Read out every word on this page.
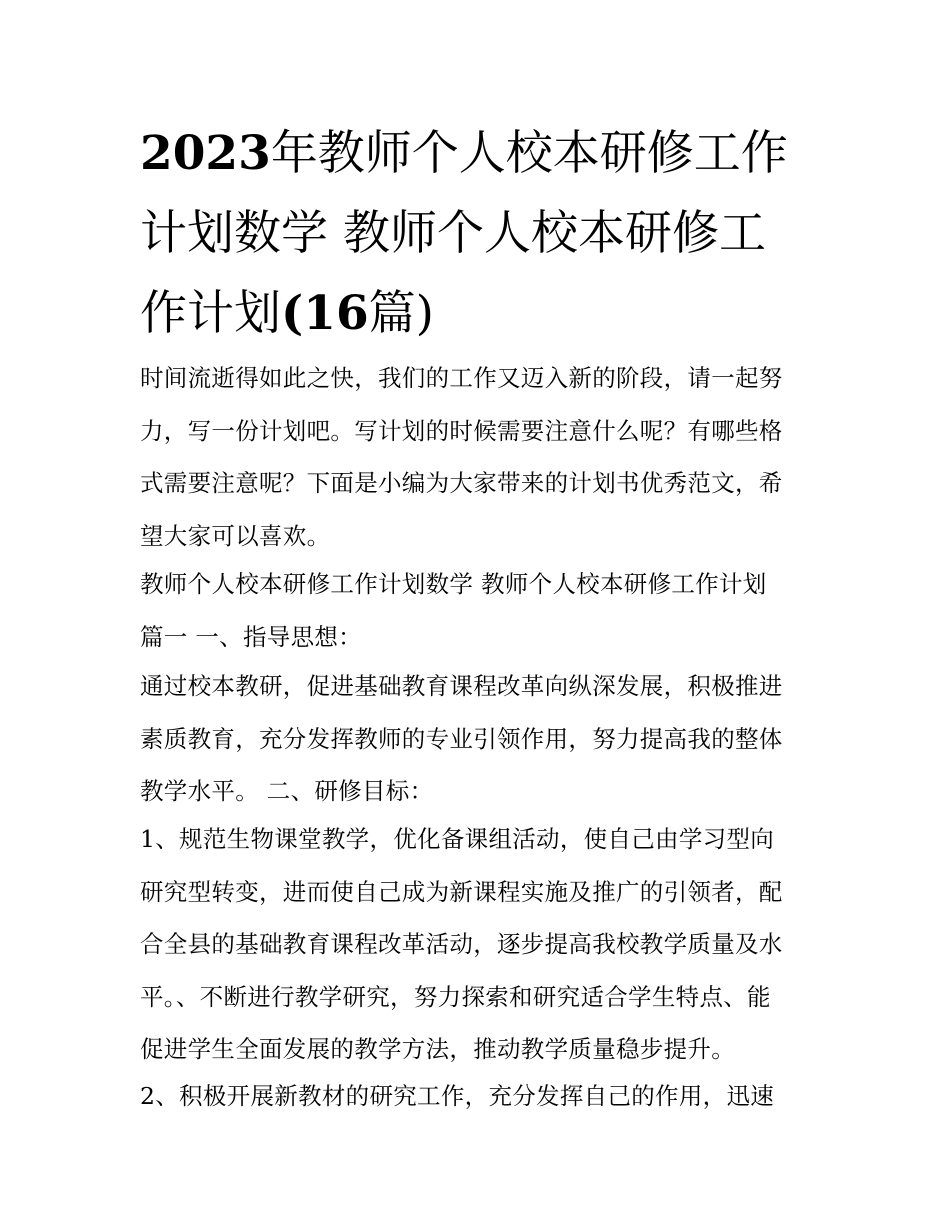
2023年教师个人校本研修工作
计划数学 教师个人校本研修工
作计划(16篇)

时间流逝得如此之快，我们的工作又迈入新的阶段，请一起努
力，写一份计划吧。写计划的时候需要注意什么呢？有哪些格
式需要注意呢？下面是小编为大家带来的计划书优秀范文，希
望大家可以喜欢。

教师个人校本研修工作计划数学 教师个人校本研修工作计划
篇一 一、指导思想：

通过校本教研，促进基础教育课程改革向纵深发展，积极推进
素质教育，充分发挥教师的专业引领作用，努力提高我的整体
教学水平。 二、研修目标：

1、规范生物课堂教学，优化备课组活动，使自己由学习型向
研究型转变，进而使自己成为新课程实施及推广的引领者，配
合全县的基础教育课程改革活动，逐步提高我校教学质量及水
平。、不断进行教学研究，努力探索和研究适合学生特点、能
促进学生全面发展的教学方法，推动教学质量稳步提升。

2、积极开展新教材的研究工作，充分发挥自己的作用，迅速
